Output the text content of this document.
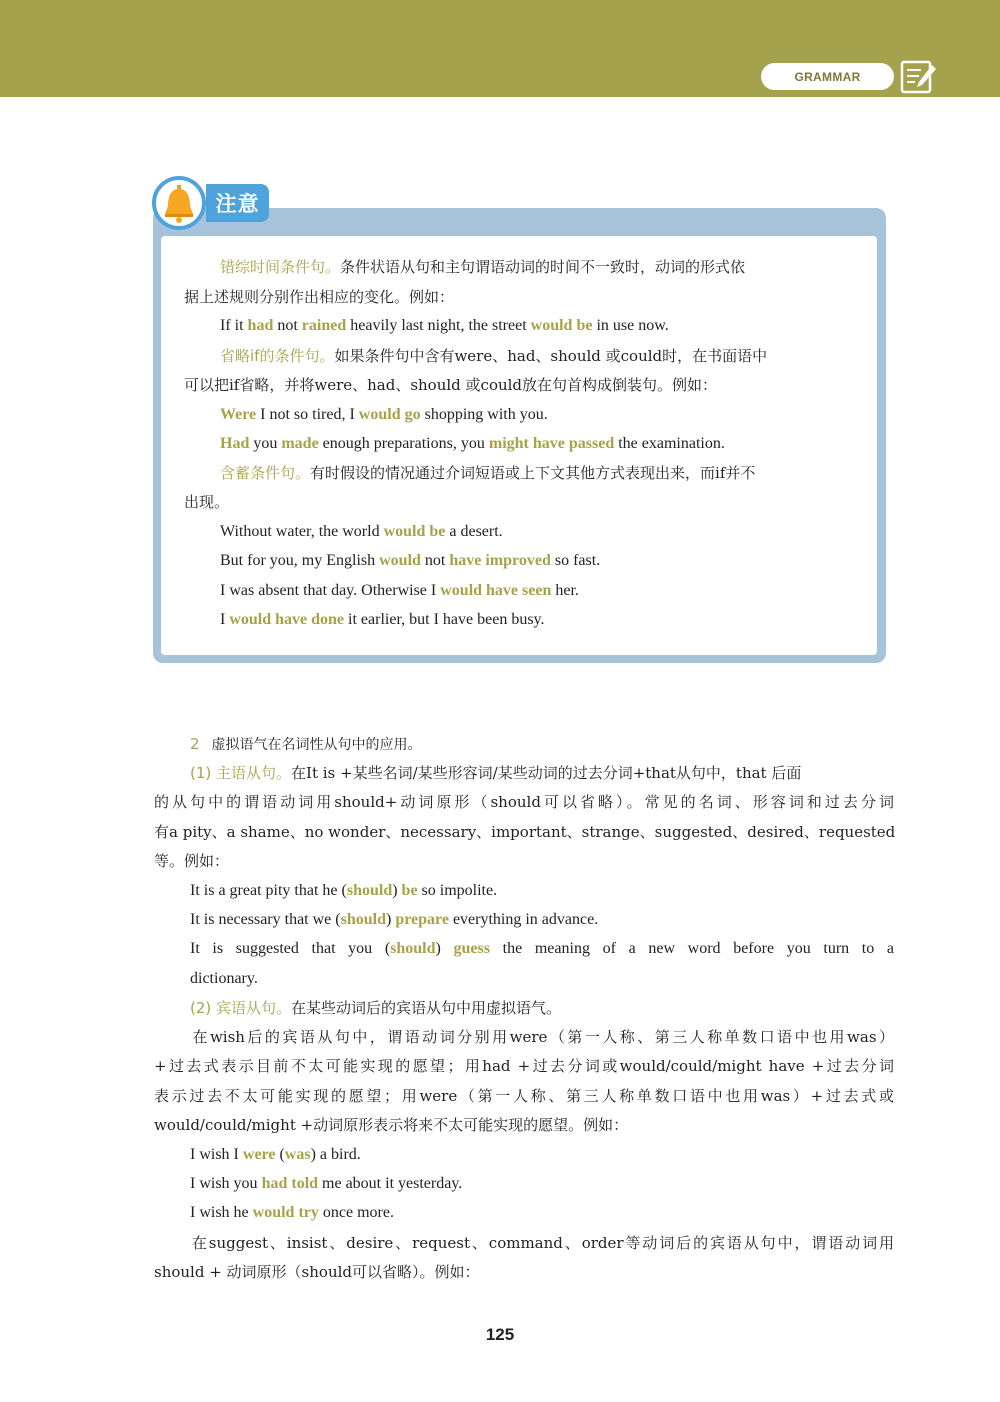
GRAMMAR
注意
错综时间条件句。条件状语从句和主句谓语动词的时间不一致时，动词的形式依
据上述规则分别作出相应的变化。例如：
If it had not rained heavily last night, the street would be in use now.
省略if的条件句。如果条件句中含有were、had、should 或could时，在书面语中
可以把if省略，并将were、had、should 或could放在句首构成倒装句。例如：
Were I not so tired, I would go shopping with you.
Had you made enough preparations, you might have passed the examination.
含蓄条件句。有时假设的情况通过介词短语或上下文其他方式表现出来，而if并不
出现。
Without water, the world would be a desert.
But for you, my English would not have improved so fast.
I was absent that day. Otherwise I would have seen her.
I would have done it earlier, but I have been busy.
2 虚拟语气在名词性从句中的应用。
(1) 主语从句。在It is +某些名词/某些形容词/某些动词的过去分词+that从句中，that 后面
的从句中的谓语动词用should+动词原形（should可以省略）。常见的名词、形容词和过去分词
有a pity、a shame、no wonder、necessary、important、strange、suggested、desired、requested
等。例如：
It is a great pity that he (should) be so impolite.
It is necessary that we (should) prepare everything in advance.
It is suggested that you (should) guess the meaning of a new word before you turn to a
dictionary.
(2) 宾语从句。在某些动词后的宾语从句中用虚拟语气。
在wish后的宾语从句中，谓语动词分别用were（第一人称、第三人称单数口语中也用was）
+过去式表示目前不太可能实现的愿望；用had +过去分词或would/could/might have +过去分词
表示过去不太可能实现的愿望；用were（第一人称、第三人称单数口语中也用was）+过去式或
would/could/might +动词原形表示将来不太可能实现的愿望。例如：
I wish I were (was) a bird.
I wish you had told me about it yesterday.
I wish he would try once more.
在suggest、insist、desire、request、command、order等动词后的宾语从句中，谓语动词用
should + 动词原形（should可以省略）。例如：
125
